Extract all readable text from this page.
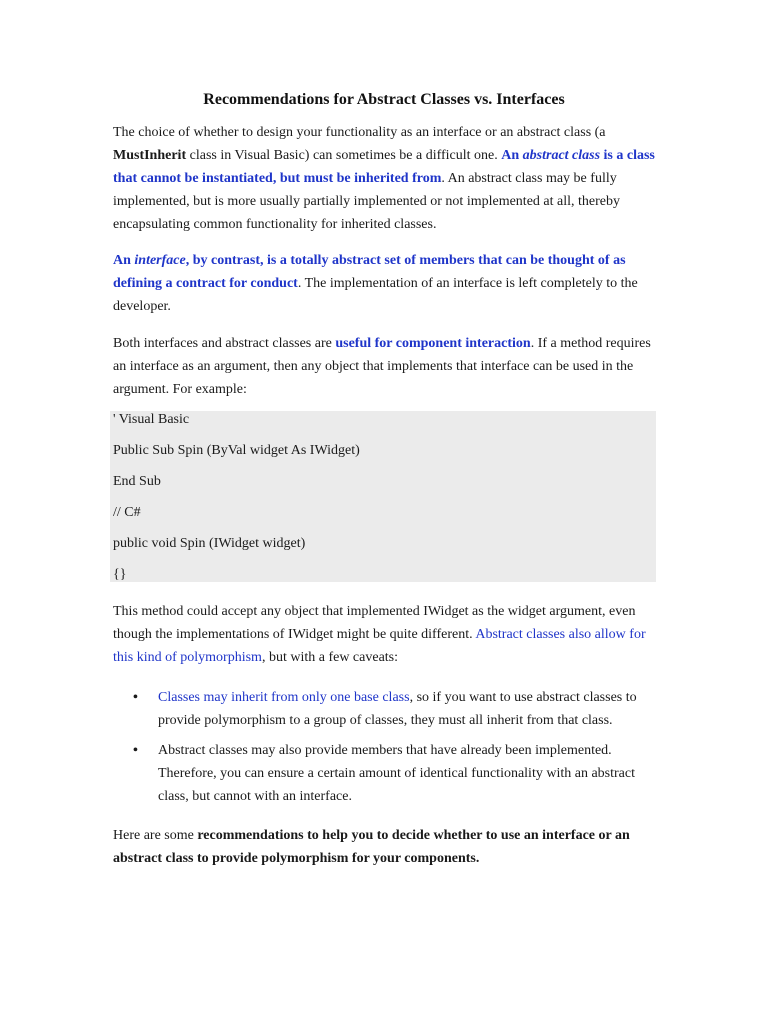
Recommendations for Abstract Classes vs. Interfaces

The choice of whether to design your functionality as an interface or an abstract class (a MustInherit class in Visual Basic) can sometimes be a difficult one. An abstract class is a class that cannot be instantiated, but must be inherited from. An abstract class may be fully implemented, but is more usually partially implemented or not implemented at all, thereby encapsulating common functionality for inherited classes.

An interface, by contrast, is a totally abstract set of members that can be thought of as defining a contract for conduct. The implementation of an interface is left completely to the developer.

Both interfaces and abstract classes are useful for component interaction. If a method requires an interface as an argument, then any object that implements that interface can be used in the argument. For example:

' Visual Basic
Public Sub Spin (ByVal widget As IWidget)
End Sub
// C#
public void Spin (IWidget widget)
{}

This method could accept any object that implemented IWidget as the widget argument, even though the implementations of IWidget might be quite different. Abstract classes also allow for this kind of polymorphism, but with a few caveats:

•	Classes may inherit from only one base class, so if you want to use abstract classes to provide polymorphism to a group of classes, they must all inherit from that class.
•	Abstract classes may also provide members that have already been implemented. Therefore, you can ensure a certain amount of identical functionality with an abstract class, but cannot with an interface.

Here are some recommendations to help you to decide whether to use an interface or an abstract class to provide polymorphism for your components.
